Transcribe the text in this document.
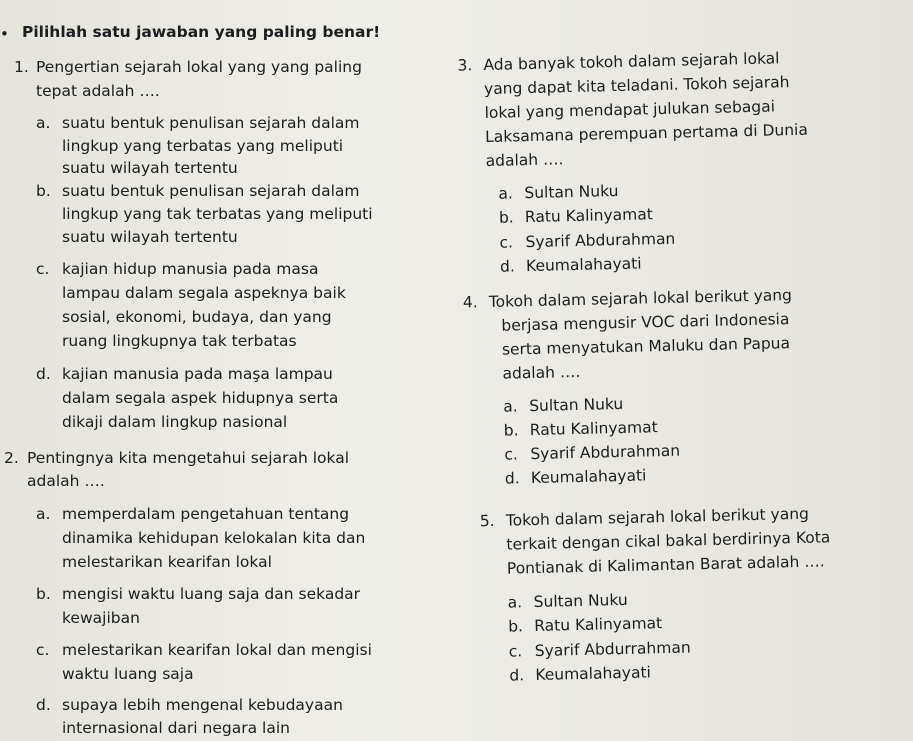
• Pilihlah satu jawaban yang paling benar!
1. Pengertian sejarah lokal yang yang paling
tepat adalah ….
a. suatu bentuk penulisan sejarah dalam
lingkup yang terbatas yang meliputi
suatu wilayah tertentu
b. suatu bentuk penulisan sejarah dalam
lingkup yang tak terbatas yang meliputi
suatu wilayah tertentu
c. kajian hidup manusia pada masa
lampau dalam segala aspeknya baik
sosial, ekonomi, budaya, dan yang
ruang lingkupnya tak terbatas
d. kajian manusia pada maşa lampau
dalam segala aspek hidupnya serta
dikaji dalam lingkup nasional
2. Pentingnya kita mengetahui sejarah lokal
adalah ….
a. memperdalam pengetahuan tentang
dinamika kehidupan kelokalan kita dan
melestarikan kearifan lokal
b. mengisi waktu luang saja dan sekadar
kewajiban
c. melestarikan kearifan lokal dan mengisi
waktu luang saja
d. supaya lebih mengenal kebudayaan
internasional dari negara lain
3. Ada banyak tokoh dalam sejarah lokal
yang dapat kita teladani. Tokoh sejarah
lokal yang mendapat julukan sebagai
Laksamana perempuan pertama di Dunia
adalah ….
a. Sultan Nuku
b. Ratu Kalinyamat
c. Syarif Abdurahman
d. Keumalahayati
4. Tokoh dalam sejarah lokal berikut yang
berjasa mengusir VOC dari Indonesia
serta menyatukan Maluku dan Papua
adalah ….
a. Sultan Nuku
b. Ratu Kalinyamat
c. Syarif Abdurahman
d. Keumalahayati
5. Tokoh dalam sejarah lokal berikut yang
terkait dengan cikal bakal berdirinya Kota
Pontianak di Kalimantan Barat adalah ….
a. Sultan Nuku
b. Ratu Kalinyamat
c. Syarif Abdurrahman
d. Keumalahayati
